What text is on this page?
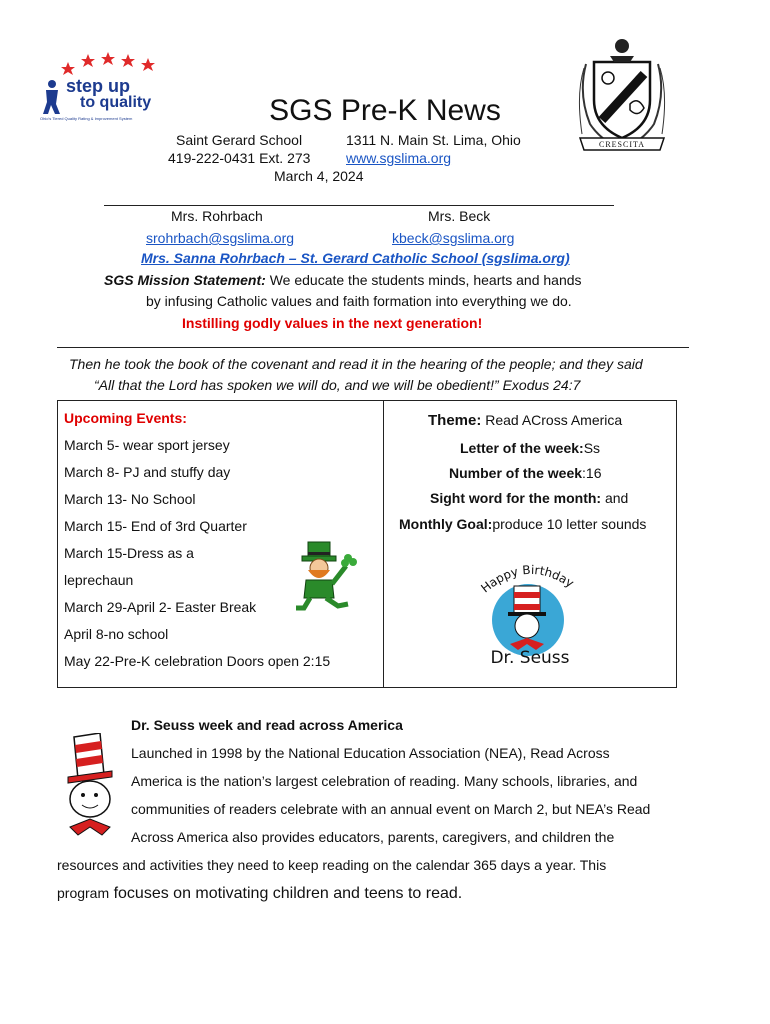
step up
to quality
Ohio's Tiered Quality Rating & Improvement System
CRESCITA
SGS Pre-K News
Saint Gerard School	1311 N. Main St. Lima, Ohio
419-222-0431 Ext. 273	www.sgslima.org
March 4, 2024
Mrs. Rohrbach	Mrs. Beck
srohrbach@sgslima.org	kbeck@sgslima.org
Mrs. Sanna Rohrbach – St. Gerard Catholic School (sgslima.org)
SGS Mission Statement: We educate the students minds, hearts and hands
by infusing Catholic values and faith formation into everything we do.
Instilling godly values in the next generation!
Then he took the book of the covenant and read it in the hearing of the people; and they said
“All that the Lord has spoken we will do, and we will be obedient!” Exodus 24:7
Upcoming Events:
March 5- wear sport jersey
March 8- PJ and stuffy day
March 13- No School
March 15- End of 3rd Quarter
March 15-Dress as a
leprechaun
March 29-April 2- Easter Break
April 8-no school
May 22-Pre-K celebration Doors open 2:15
Theme: Read ACross America
Letter of the week:Ss
Number of the week:16
Sight word for the month: and
Monthly Goal:produce 10 letter sounds
Happy Birthday
Dr. Seuss
Dr. Seuss week and read across America
Launched in 1998 by the National Education Association (NEA), Read Across
America is the nation’s largest celebration of reading. Many schools, libraries, and
communities of readers celebrate with an annual event on March 2, but NEA’s Read
Across America also provides educators, parents, caregivers, and children the
resources and activities they need to keep reading on the calendar 365 days a year. This
program focuses on motivating children and teens to read.
